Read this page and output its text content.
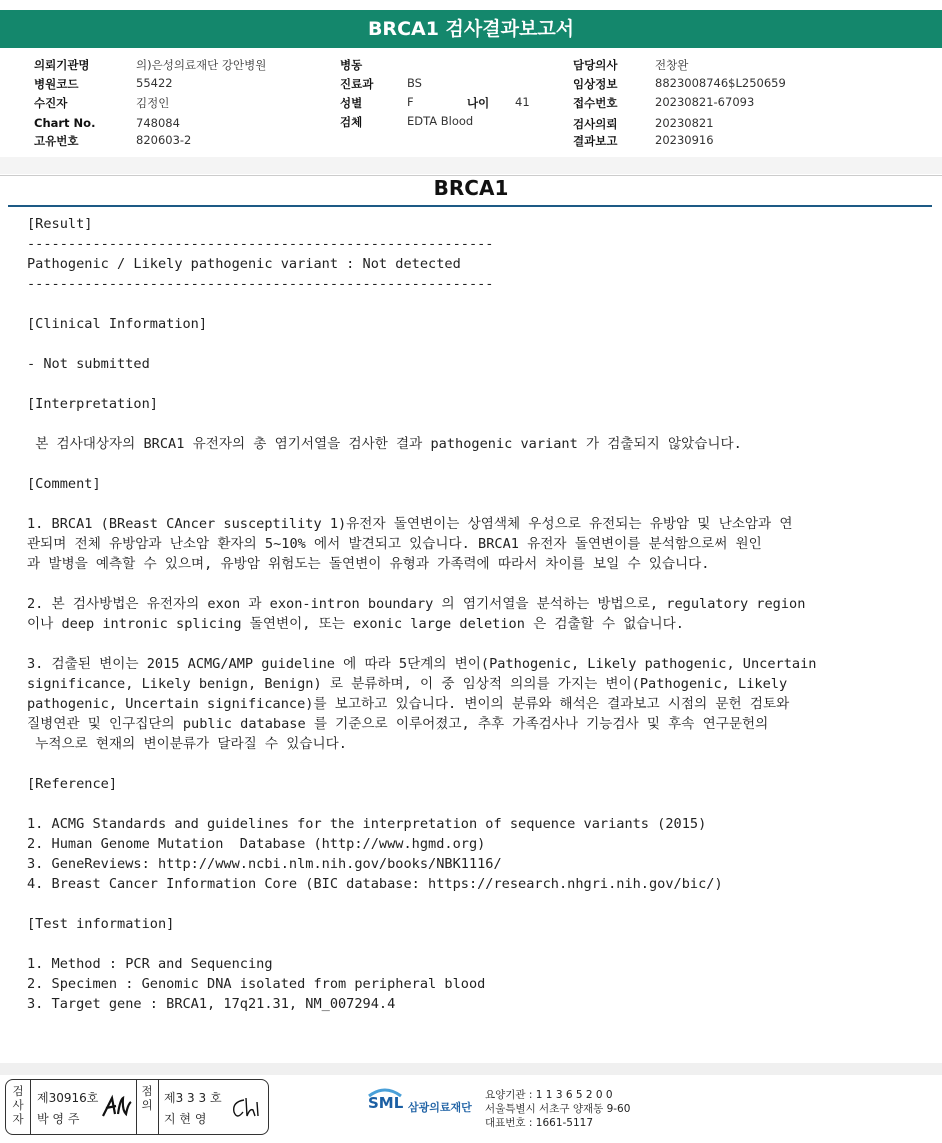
BRCA1 검사결과보고서
의뢰기관명	의)은성의료재단 강안병원
병원코드	55422
수진자	김정인
Chart No.	748084
고유번호	820603-2
병동
진료과	BS
성별	F	나이 41
검체	EDTA Blood
담당의사	전창완
임상정보	8823008746$L250659
접수번호	20230821-67093
검사의뢰	20230821
결과보고	20230916
BRCA1
[Result]
---------------------------------------------------------
Pathogenic / Likely pathogenic variant : Not detected
---------------------------------------------------------
[Clinical Information]
- Not submitted
[Interpretation]
본 검사대상자의 BRCA1 유전자의 총 염기서열을 검사한 결과 pathogenic variant 가 검출되지 않았습니다.
[Comment]
1. BRCA1 (BReast CAncer susceptility 1)유전자 돌연변이는 상염색체 우성으로 유전되는 유방암 및 난소암과 연
관되며 전체 유방암과 난소암 환자의 5~10% 에서 발견되고 있습니다. BRCA1 유전자 돌연변이를 분석함으로써 원인
과 발병을 예측할 수 있으며, 유방암 위험도는 돌연변이 유형과 가족력에 따라서 차이를 보일 수 있습니다.
2. 본 검사방법은 유전자의 exon 과 exon-intron boundary 의 염기서열을 분석하는 방법으로, regulatory region
이나 deep intronic splicing 돌연변이, 또는 exonic large deletion 은 검출할 수 없습니다.
3. 검출된 변이는 2015 ACMG/AMP guideline 에 따라 5단계의 변이(Pathogenic, Likely pathogenic, Uncertain
significance, Likely benign, Benign) 로 분류하며, 이 중 임상적 의의를 가지는 변이(Pathogenic, Likely
pathogenic, Uncertain significance)를 보고하고 있습니다. 변이의 분류와 해석은 결과보고 시점의 문헌 검토와
질병연관 및 인구집단의 public database 를 기준으로 이루어졌고, 추후 가족검사나 기능검사 및 후속 연구문헌의
누적으로 현재의 변이분류가 달라질 수 있습니다.
[Reference]
1. ACMG Standards and guidelines for the interpretation of sequence variants (2015)
2. Human Genome Mutation  Database (http://www.hgmd.org)
3. GeneReviews: http://www.ncbi.nlm.nih.gov/books/NBK1116/
4. Breast Cancer Information Core (BIC database: https://research.nhgri.nih.gov/bic/)
[Test information]
1. Method : PCR and Sequencing
2. Specimen : Genomic DNA isolated from peripheral blood
3. Target gene : BRCA1, 17q21.31, NM_007294.4
검
사
자
제30916호
박 영 주
점
의 제3 3 3 호
지 현 영
SML 삼광의료재단
요양기관 : 1 1 3 6 5 2 0 0
서울특별시 서초구 양재동 9-60
대표번호 : 1661-5117
